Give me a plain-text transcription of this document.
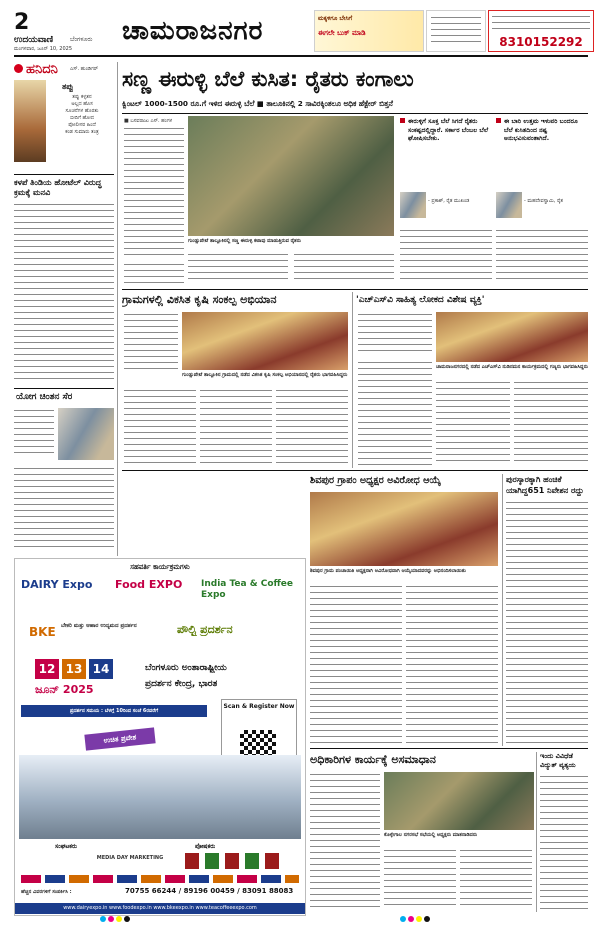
2
ಉದಯವಾಣಿ	ಬೆಂಗಳೂರು
ಮಂಗಳವಾರ, ಜೂನ್ 10, 2025
ಚಾಮರಾಜನಗರ	ಮಕ್ಕಳಿಗೂ ಬೇಸಿಗೆ
ಈಗಲೇ ಬುಕ್ ಮಾಡಿ
8310152292
ಹನಿದನಿ ಎಸ್. ಹುಂಡಿಗರ್
ತಪ್ಪು
ತಪ್ಪು ಕಳ್ಳತನ
ಅಲ್ಲದ ಹೊಸ
ಸೂಚನೆಗಳ ಹೊರತು
ಬೀದಿಗೆ ಹೋದ
ಪೋಲೀಸರ ಹಿಂದೆ
ಕಂಡ ಸುಮಾರು ತಂತ್ರ
ಕಳಪೆ ತಿಂಡಿಯ ಹೋಟೆಲ್ ವಿರುದ್ಧ ಕ್ರಮಕ್ಕೆ ಮನವಿ
ಯೋಗ ಚಿಂತನ ಸೆರ
ಸಣ್ಣ ಈರುಳ್ಳಿ ಬೆಲೆ ಕುಸಿತ: ರೈತರು ಕಂಗಾಲು
ಕ್ವಿಂಟಲ್ 1000-1500 ರೂ.ಗೆ ಇಳಿದ ಈರುಳ್ಳಿ ಬೆಲೆ ■ ತಾಲೂಕಿನಲ್ಲಿ 2 ಸಾವಿರಕ್ಕಿಂತಲೂ ಅಧಿಕ ಹೆಕ್ಟೇರ್ ಬಿತ್ತನೆ
■ ಬಸವರಾಜು ಎಸ್. ಹಂಗಳ
ಗುಂಡ್ಲುಪೇಟೆ ತಾಲ್ಲೂಕಿನಲ್ಲಿ ಸಣ್ಣ ಈರುಳ್ಳಿ ಕಟಾವು ಮಾಡುತ್ತಿರುವ ರೈತರು
ಈರುಳ್ಳಿಗೆ ಸೂಕ್ತ ಬೆಲೆ ಸಿಗದೆ ರೈತರು ಸಂಕಷ್ಟದಲ್ಲಿದ್ದಾರೆ. ಸರ್ಕಾರ ಬೆಂಬಲ ಬೆಲೆ ಘೋಷಿಸಬೇಕು.
- ಪ್ರಕಾಶ್, ರೈತ ಮುಖಂಡ
ಈ ಬಾರಿ ಉತ್ತಮ ಇಳುವರಿ ಬಂದರೂ ಬೆಲೆ ಕುಸಿತದಿಂದ ನಷ್ಟ ಅನುಭವಿಸುವಂತಾಗಿದೆ.
- ಮಹದೇವಸ್ವಾಮಿ, ರೈತ
ಗ್ರಾಮಗಳಲ್ಲಿ ವಿಕಸಿತ ಕೃಷಿ ಸಂಕಲ್ಪ ಅಭಿಯಾನ
ಗುಂಡ್ಲುಪೇಟೆ ತಾಲ್ಲೂಕಿನ ಗ್ರಾಮದಲ್ಲಿ ನಡೆದ ವಿಕಸಿತ ಕೃಷಿ ಸಂಕಲ್ಪ ಅಭಿಯಾನದಲ್ಲಿ ರೈತರು ಭಾಗವಹಿಸಿದ್ದರು
'ಎಚ್‌ಎಸ್‌ವಿ ಸಾಹಿತ್ಯ ಲೋಕದ ವಿಶೇಷ ವ್ಯಕ್ತಿ'
ಚಾಮರಾಜನಗರದಲ್ಲಿ ನಡೆದ ಎಚ್‌ಎಸ್‌ವಿ ನುಡಿನಮನ ಕಾರ್ಯಕ್ರಮದಲ್ಲಿ ಗಣ್ಯರು ಭಾಗವಹಿಸಿದ್ದರು
ಸಹವರ್ತಿ ಕಾರ್ಯಕ್ರಮಗಳು
DAIRY Expo Food EXPO	India Tea & Coffee Expo
BKE ಬೇಕರಿ ಮತ್ತು ಆಹಾರ ಉದ್ಯಮದ ಪ್ರದರ್ಶನ	ಪೌಲ್ಟ್ರಿ ಪ್ರದರ್ಶನ
12 13 14
ಜೂನ್ 2025
ಬೆಂಗಳೂರು ಅಂತಾರಾಷ್ಟ್ರೀಯ
ಪ್ರದರ್ಶನ ಕೇಂದ್ರ, ಭಾರತ
ಪ್ರದರ್ಶನ ಸಮಯ : ಬೆಳಗ್ಗೆ 10ರಿಂದ ಸಂಜೆ 6ರವರೆಗೆ
Scan & Register Now
ಉಚಿತ ಪ್ರವೇಶ
ಸಂಘಟಕರು	ಪೋಷಕರು
MEDIA DAY MARKETING
ಹೆಚ್ಚಿನ ವಿವರಗಳಿಗೆ ಸಂಪರ್ಕಿಸಿ :	70755 66244 / 89196 00459 / 83091 88083
www.dairyexpo.in www.foodexpo.in www.bkeexpo.in www.teacoffeeexpo.com
ಶಿವಪುರ ಗ್ರಾಪಂ ಅಧ್ಯಕ್ಷರ ಅವಿರೋಧ ಆಯ್ಕೆ
ಶಿವಪುರ ಗ್ರಾಮ ಪಂಚಾಯಿತಿ ಅಧ್ಯಕ್ಷರಾಗಿ ಅವಿರೋಧವಾಗಿ ಆಯ್ಕೆಯಾದವರನ್ನು ಅಭಿನಂದಿಸಲಾಯಿತು
ಪುರಸ್ಕಾರಕ್ಕಾಗಿ ಹಂಚಿಕೆ ಯಾಗಿದ್ದ651 ನಿವೇಶನ ರದ್ದು
ಅಧಿಕಾರಿಗಳ ಕಾರ್ಯಕ್ಕೆ ಅಸಮಾಧಾನ
ಕೊಳ್ಳೇಗಾಲ ನಗರಸಭೆ ಸಭೆಯಲ್ಲಿ ಅಧ್ಯಕ್ಷರು ಮಾತನಾಡಿದರು
ಇಂದು ವಿವಿಧೆಡೆ ವಿದ್ಯುತ್ ವ್ಯತ್ಯಯ
